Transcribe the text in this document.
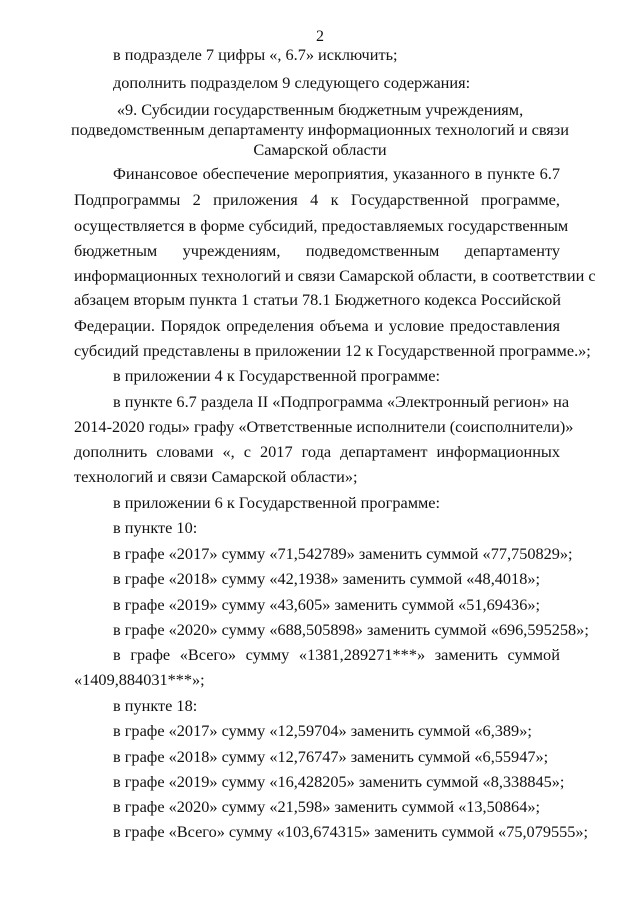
2
в подразделе 7 цифры «, 6.7» исключить;
дополнить подразделом 9 следующего содержания:
«9. Субсидии государственным бюджетным учреждениям,
подведомственным департаменту информационных технологий и связи
Самарской области
Финансовое обеспечение мероприятия, указанного в пункте 6.7
Подпрограммы 2 приложения 4 к Государственной программе,
осуществляется в форме субсидий, предоставляемых государственным
бюджетным учреждениям, подведомственным департаменту
информационных технологий и связи Самарской области, в соответствии с
абзацем вторым пункта 1 статьи 78.1 Бюджетного кодекса Российской
Федерации. Порядок определения объема и условие предоставления
субсидий представлены в приложении 12 к Государственной программе.»;
в приложении 4 к Государственной программе:
в пункте 6.7 раздела II «Подпрограмма «Электронный регион» на
2014-2020 годы» графу «Ответственные исполнители (соисполнители)»
дополнить словами «, с 2017 года департамент информационных
технологий и связи Самарской области»;
в приложении 6 к Государственной программе:
в пункте 10:
в графе «2017» сумму «71,542789» заменить суммой «77,750829»;
в графе «2018» сумму «42,1938» заменить суммой «48,4018»;
в графе «2019» сумму «43,605» заменить суммой «51,69436»;
в графе «2020» сумму «688,505898» заменить суммой «696,595258»;
в графе «Всего» сумму «1381,289271***» заменить суммой
«1409,884031***»;
в пункте 18:
в графе «2017» сумму «12,59704» заменить суммой «6,389»;
в графе «2018» сумму «12,76747» заменить суммой «6,55947»;
в графе «2019» сумму «16,428205» заменить суммой «8,338845»;
в графе «2020» сумму «21,598» заменить суммой «13,50864»;
в графе «Всего» сумму «103,674315» заменить суммой «75,079555»;
